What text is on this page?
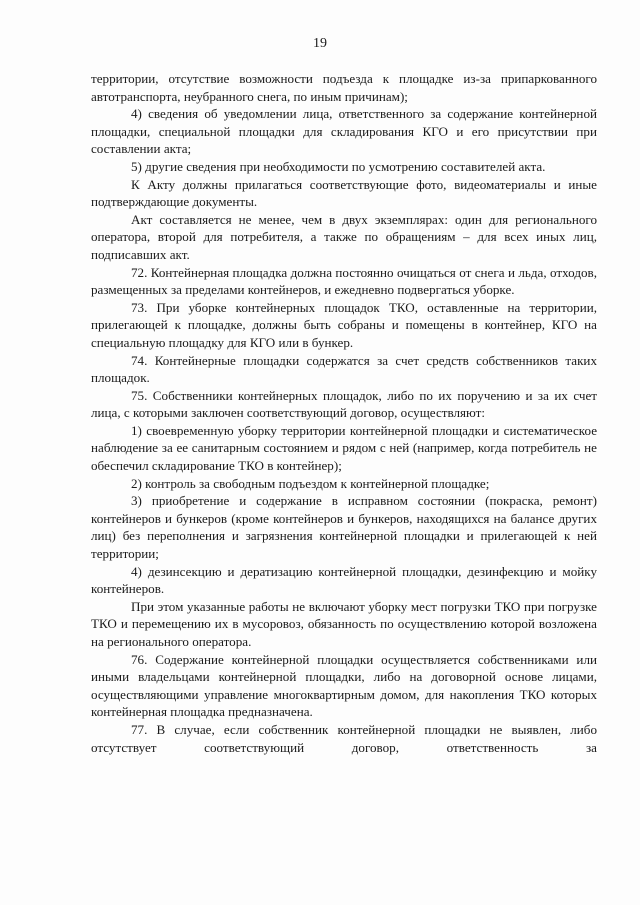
19

территории, отсутствие возможности подъезда к площадке из-за припаркованного автотранспорта, неубранного снега, по иным причинам);

4) сведения об уведомлении лица, ответственного за содержание контейнерной площадки, специальной площадки для складирования КГО и его присутствии при составлении акта;

5) другие сведения при необходимости по усмотрению составителей акта.

К Акту должны прилагаться соответствующие фото, видеоматериалы и иные подтверждающие документы.

Акт составляется не менее, чем в двух экземплярах: один для регионального оператора, второй для потребителя, а также по обращениям – для всех иных лиц, подписавших акт.

72. Контейнерная площадка должна постоянно очищаться от снега и льда, отходов, размещенных за пределами контейнеров, и ежедневно подвергаться уборке.

73. При уборке контейнерных площадок ТКО, оставленные на территории, прилегающей к площадке, должны быть собраны и помещены в контейнер, КГО на специальную площадку для КГО или в бункер.

74. Контейнерные площадки содержатся за счет средств собственников таких площадок.

75. Собственники контейнерных площадок, либо по их поручению и за их счет лица, с которыми заключен соответствующий договор, осуществляют:

1) своевременную уборку территории контейнерной площадки и систематическое наблюдение за ее санитарным состоянием и рядом с ней (например, когда потребитель не обеспечил складирование ТКО в контейнер);

2) контроль за свободным подъездом к контейнерной площадке;

3) приобретение и содержание в исправном состоянии (покраска, ремонт) контейнеров и бункеров (кроме контейнеров и бункеров, находящихся на балансе других лиц) без переполнения и загрязнения контейнерной площадки и прилегающей к ней территории;

4) дезинсекцию и дератизацию контейнерной площадки, дезинфекцию и мойку контейнеров.

При этом указанные работы не включают уборку мест погрузки ТКО при погрузке ТКО и перемещению их в мусоровоз, обязанность по осуществлению которой возложена на регионального оператора.

76. Содержание контейнерной площадки осуществляется собственниками или иными владельцами контейнерной площадки, либо на договорной основе лицами, осуществляющими управление многоквартирным домом, для накопления ТКО которых контейнерная площадка предназначена.

77. В случае, если собственник контейнерной площадки не выявлен, либо отсутствует соответствующий договор, ответственность за
